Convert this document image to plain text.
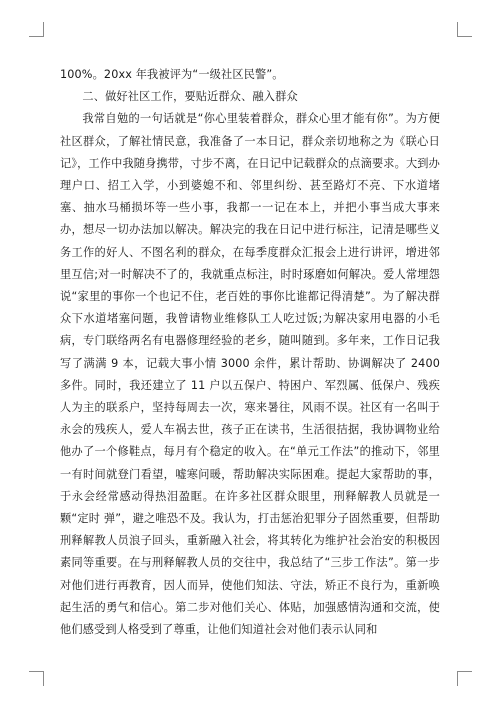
100%。20xx 年我被评为“一级社区民警”。

二、做好社区工作，要贴近群众、融入群众

我常自勉的一句话就是“你心里装着群众，群众心里才能有你”。为方便社区群众，了解社情民意，我准备了一本日记，群众亲切地称之为《联心日记》，工作中我随身携带，寸步不离，在日记中记载群众的点滴要求。大到办理户口、招工入学，小到婆媳不和、邻里纠纷、甚至路灯不亮、下水道堵塞、抽水马桶损坏等一些小事，我都一一记在本上，并把小事当成大事来办，想尽一切办法加以解决。解决完的我在日记中进行标注，记清是哪些义务工作的好人、不图名利的群众，在每季度群众汇报会上进行讲评，增进邻里互信;对一时解决不了的，我就重点标注，时时琢磨如何解决。爱人常埋怨说“家里的事你一个也记不住，老百姓的事你比谁都记得清楚”。为了解决群众下水道堵塞问题，我曾请物业维修队工人吃过饭;为解决家用电器的小毛病，专门联络两名有电器修理经验的老乡，随叫随到。多年来，工作日记我写了满满 9 本，记载大事小情 3000 余件，累计帮助、协调解决了 2400 多件。同时，我还建立了 11 户以五保户、特困户、军烈属、低保户、残疾人为主的联系户，坚持每周去一次，寒来暑往，风雨不误。社区有一名叫于永会的残疾人，爱人车祸去世，孩子正在读书，生活很拮据，我协调物业给他办了一个修鞋点，每月有个稳定的收入。在“单元工作法”的推动下，邻里一有时间就登门看望，嘘寒问暖，帮助解决实际困难。提起大家帮助的事，于永会经常感动得热泪盈眶。在许多社区群众眼里，刑释解教人员就是一颗“定时 弹”，避之唯恐不及。我认为，打击惩治犯罪分子固然重要，但帮助刑释解教人员浪子回头，重新融入社会，将其转化为维护社会治安的积极因素同等重要。在与刑释解教人员的交往中，我总结了“三步工作法”。第一步对他们进行再教育，因人而异，使他们知法、守法，矫正不良行为，重新唤起生活的勇气和信心。第二步对他们关心、体贴，加强感情沟通和交流，使他们感受到人格受到了尊重，让他们知道社会对他们表示认同和
